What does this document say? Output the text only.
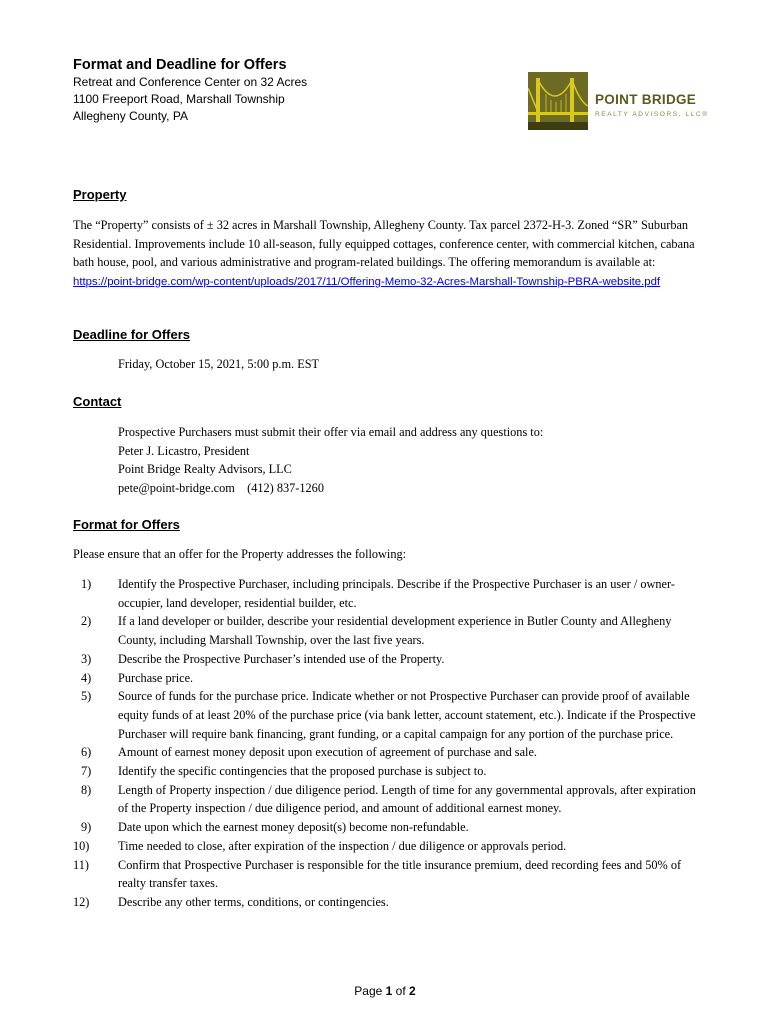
Format and Deadline for Offers
Retreat and Conference Center on 32 Acres
1100 Freeport Road, Marshall Township
Allegheny County, PA
POINT BRIDGE
REALTY ADVISORS, LLC®
Property
The “Property” consists of ± 32 acres in Marshall Township, Allegheny County. Tax parcel 2372-H-3. Zoned “SR” Suburban Residential. Improvements include 10 all-season, fully equipped cottages, conference center, with commercial kitchen, cabana bath house, pool, and various administrative and program-related buildings. The offering memorandum is available at: https://point-bridge.com/wp-content/uploads/2017/11/Offering-Memo-32-Acres-Marshall-Township-PBRA-website.pdf
Deadline for Offers
Friday, October 15, 2021, 5:00 p.m. EST
Contact
Prospective Purchasers must submit their offer via email and address any questions to:
Peter J. Licastro, President
Point Bridge Realty Advisors, LLC
pete@point-bridge.com    (412) 837-1260
Format for Offers
Please ensure that an offer for the Property addresses the following:
1)	Identify the Prospective Purchaser, including principals. Describe if the Prospective Purchaser is an user / owner-occupier, land developer, residential builder, etc.
2)	If a land developer or builder, describe your residential development experience in Butler County and Allegheny County, including Marshall Township, over the last five years.
3)	Describe the Prospective Purchaser’s intended use of the Property.
4)	Purchase price.
5)	Source of funds for the purchase price. Indicate whether or not Prospective Purchaser can provide proof of available equity funds of at least 20% of the purchase price (via bank letter, account statement, etc.). Indicate if the Prospective Purchaser will require bank financing, grant funding, or a capital campaign for any portion of the purchase price.
6)	Amount of earnest money deposit upon execution of agreement of purchase and sale.
7)	Identify the specific contingencies that the proposed purchase is subject to.
8)	Length of Property inspection / due diligence period. Length of time for any governmental approvals, after expiration of the Property inspection / due diligence period, and amount of additional earnest money.
9)	Date upon which the earnest money deposit(s) become non-refundable.
10)	Time needed to close, after expiration of the inspection / due diligence or approvals period.
11)	Confirm that Prospective Purchaser is responsible for the title insurance premium, deed recording fees and 50% of realty transfer taxes.
12)	Describe any other terms, conditions, or contingencies.
Page 1 of 2
